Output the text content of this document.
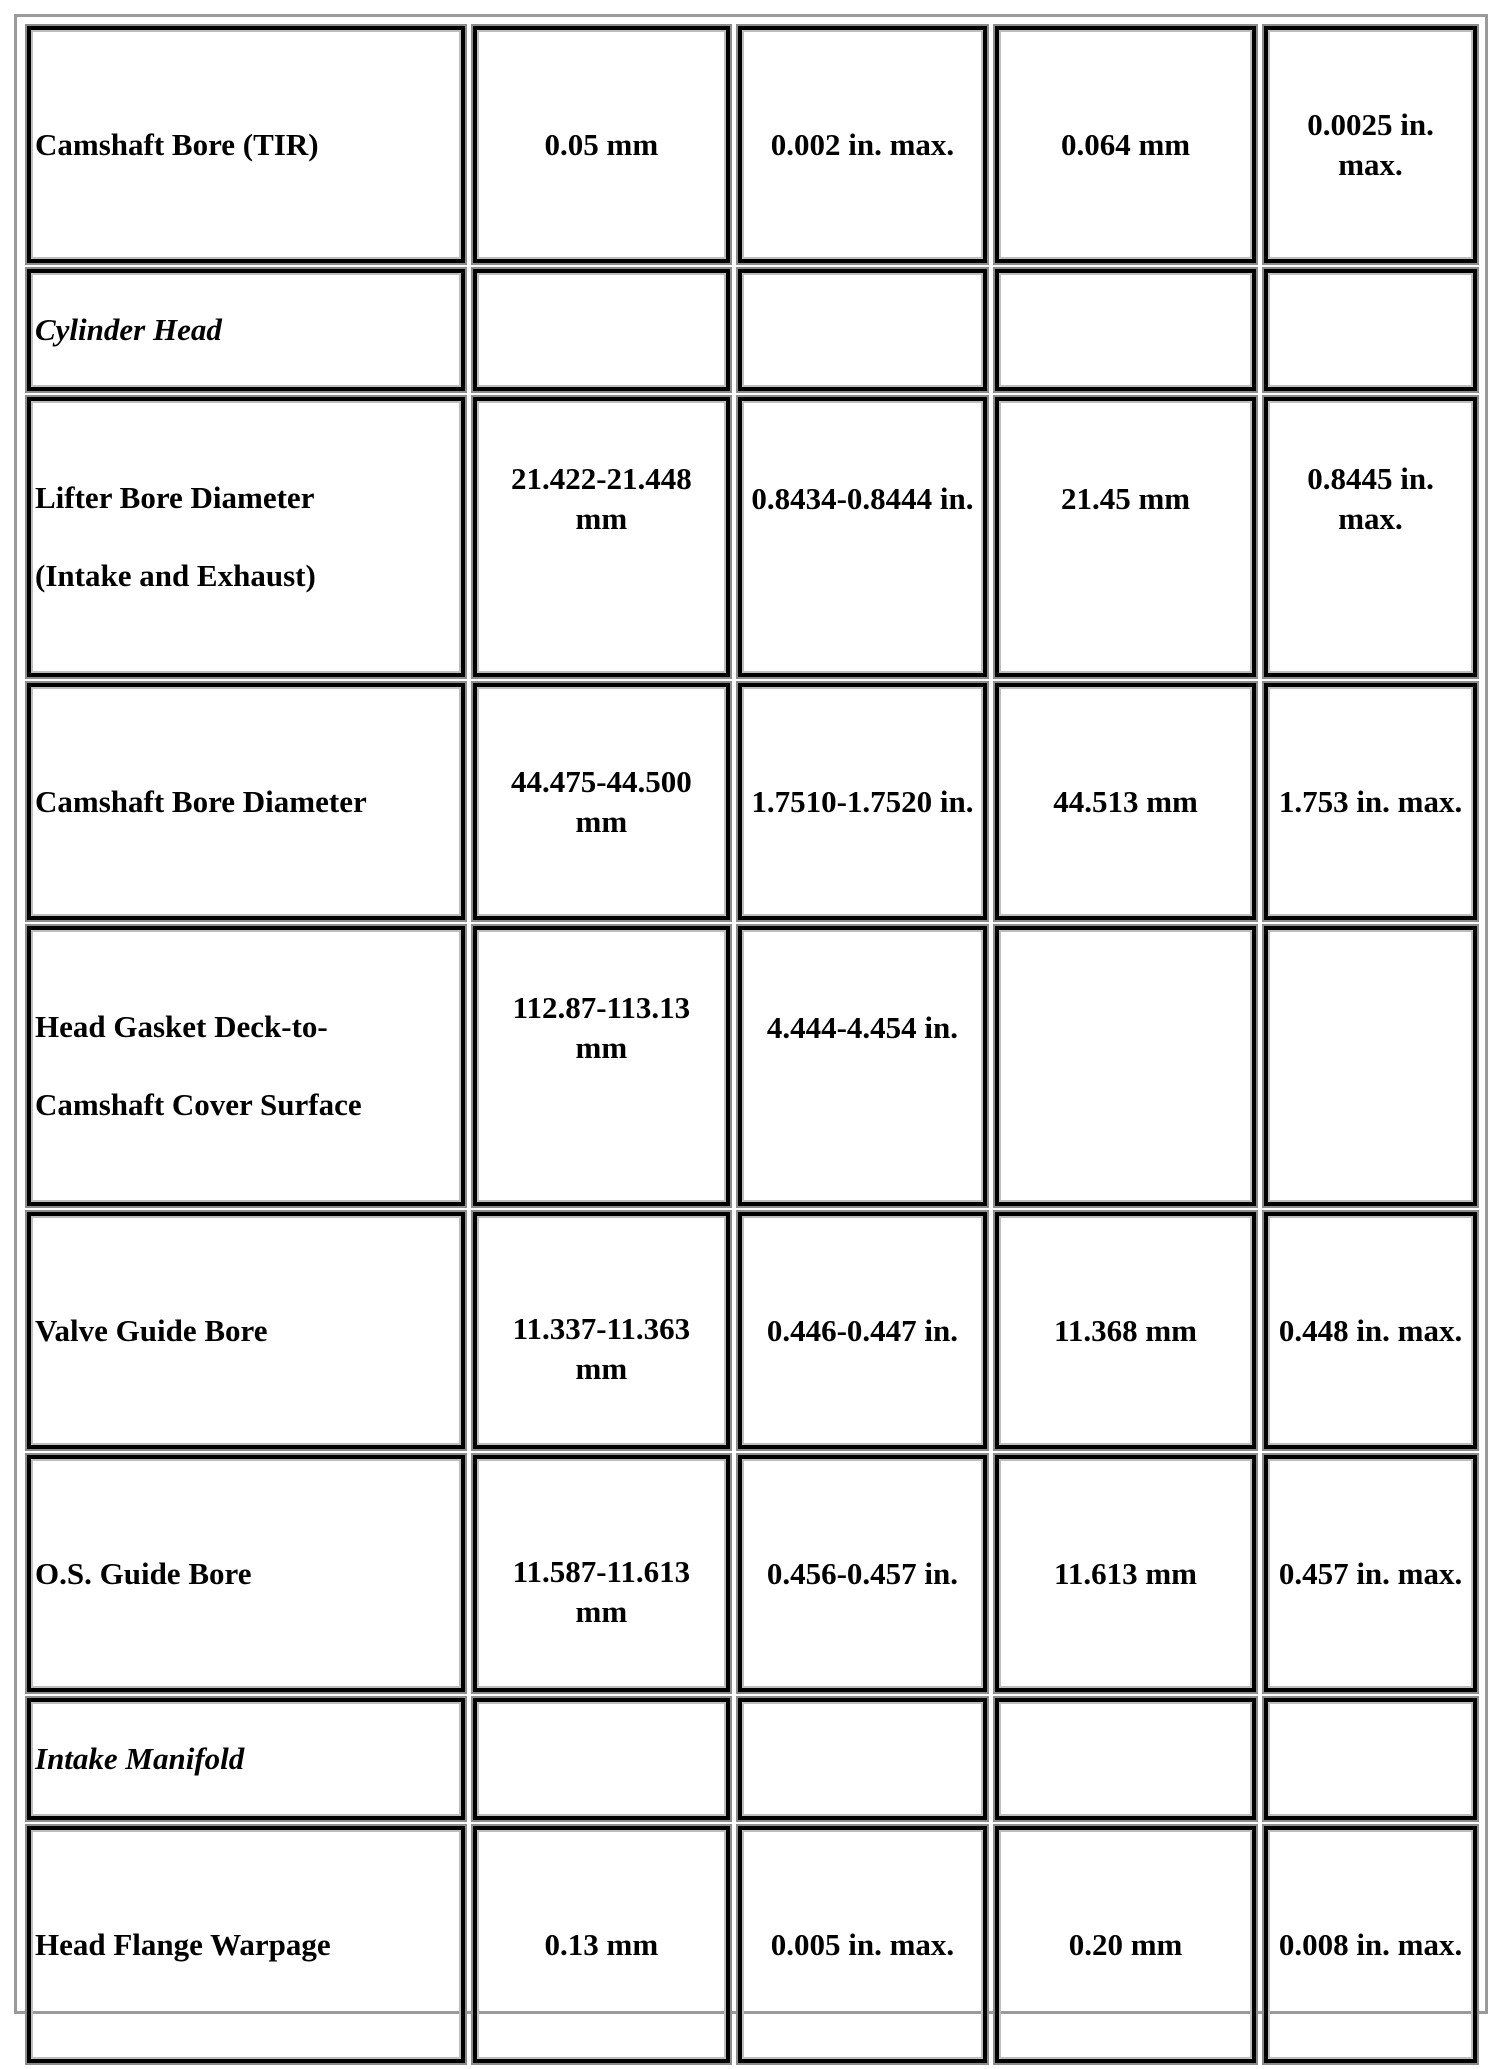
Camshaft Bore (TIR)	0.05 mm	0.002 in. max.	0.064 mm	0.0025 in. max.

Cylinder Head				

Lifter Bore Diameter
(Intake and Exhaust)	21.422-21.448 mm	0.8434-0.8444 in.	21.45 mm	0.8445 in. max.

Camshaft Bore Diameter	44.475-44.500 mm	1.7510-1.7520 in.	44.513 mm	1.753 in. max.

Head Gasket Deck-to-
Camshaft Cover Surface	112.87-113.13 mm	4.444-4.454 in.		

Valve Guide Bore	11.337-11.363 mm	0.446-0.447 in.	11.368 mm	0.448 in. max.

O.S. Guide Bore	11.587-11.613 mm	0.456-0.457 in.	11.613 mm	0.457 in. max.

Intake Manifold				

Head Flange Warpage	0.13 mm	0.005 in. max.	0.20 mm	0.008 in. max.
